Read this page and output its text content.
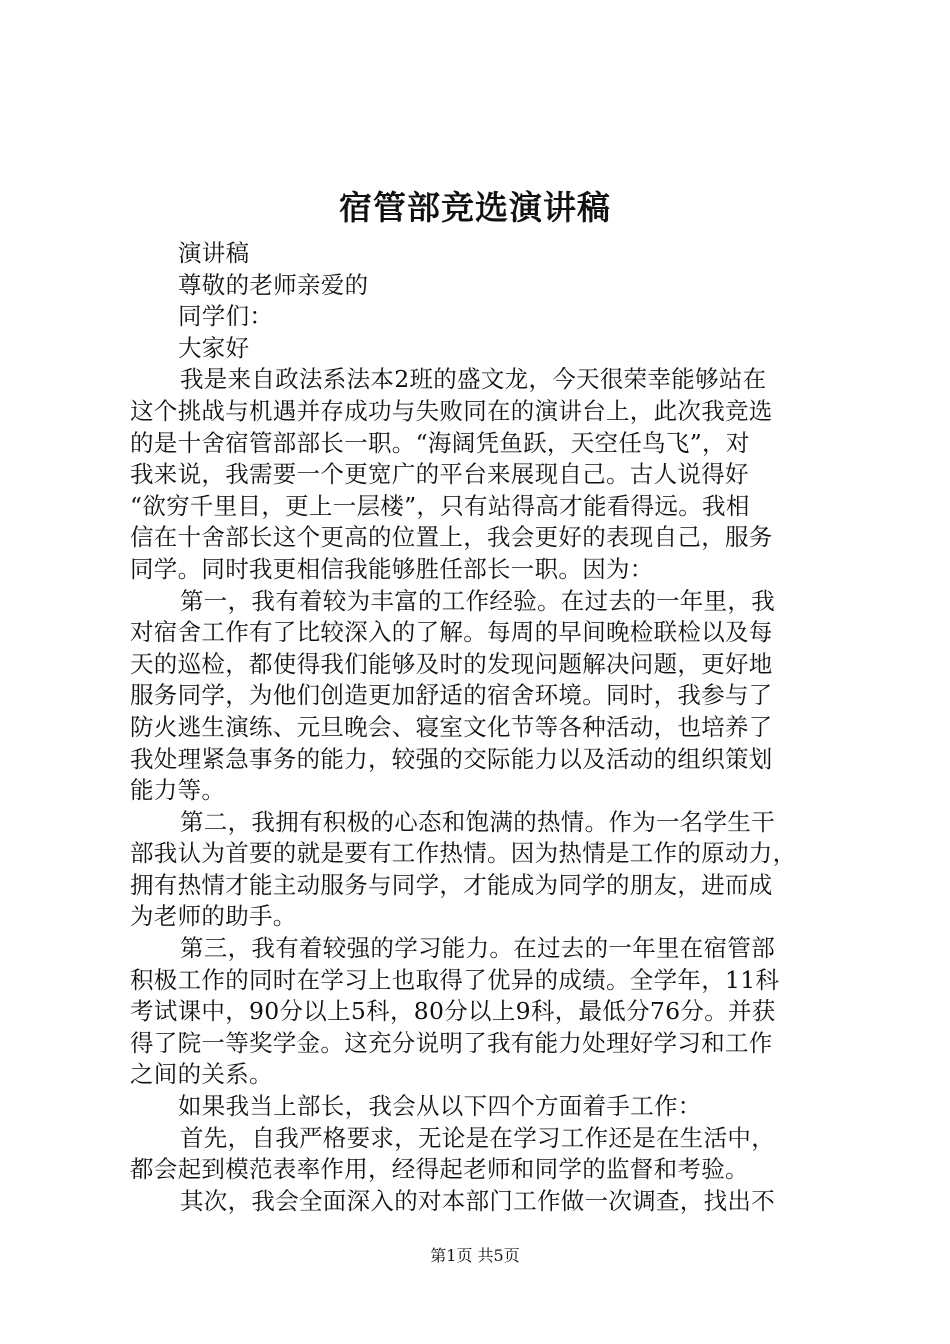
宿管部竞选演讲稿
演讲稿
尊敬的老师亲爱的
同学们：
大家好
我是来自政法系法本2班的盛文龙，今天很荣幸能够站在
这个挑战与机遇并存成功与失败同在的演讲台上，此次我竞选
的是十舍宿管部部长一职。“海阔凭鱼跃，天空任鸟飞”，对
我来说，我需要一个更宽广的平台来展现自己。古人说得好
“欲穷千里目，更上一层楼”，只有站得高才能看得远。我相
信在十舍部长这个更高的位置上，我会更好的表现自己，服务
同学。同时我更相信我能够胜任部长一职。因为：
第一，我有着较为丰富的工作经验。在过去的一年里，我
对宿舍工作有了比较深入的了解。每周的早间晚检联检以及每
天的巡检，都使得我们能够及时的发现问题解决问题，更好地
服务同学，为他们创造更加舒适的宿舍环境。同时，我参与了
防火逃生演练、元旦晚会、寝室文化节等各种活动，也培养了
我处理紧急事务的能力，较强的交际能力以及活动的组织策划
能力等。
第二，我拥有积极的心态和饱满的热情。作为一名学生干
部我认为首要的就是要有工作热情。因为热情是工作的原动力，
拥有热情才能主动服务与同学，才能成为同学的朋友，进而成
为老师的助手。
第三，我有着较强的学习能力。在过去的一年里在宿管部
积极工作的同时在学习上也取得了优异的成绩。全学年，11科
考试课中，90分以上5科，80分以上9科，最低分76分。并获
得了院一等奖学金。这充分说明了我有能力处理好学习和工作
之间的关系。
如果我当上部长，我会从以下四个方面着手工作：
首先，自我严格要求，无论是在学习工作还是在生活中，
都会起到模范表率作用，经得起老师和同学的监督和考验。
其次，我会全面深入的对本部门工作做一次调查，找出不
第1页 共5页
